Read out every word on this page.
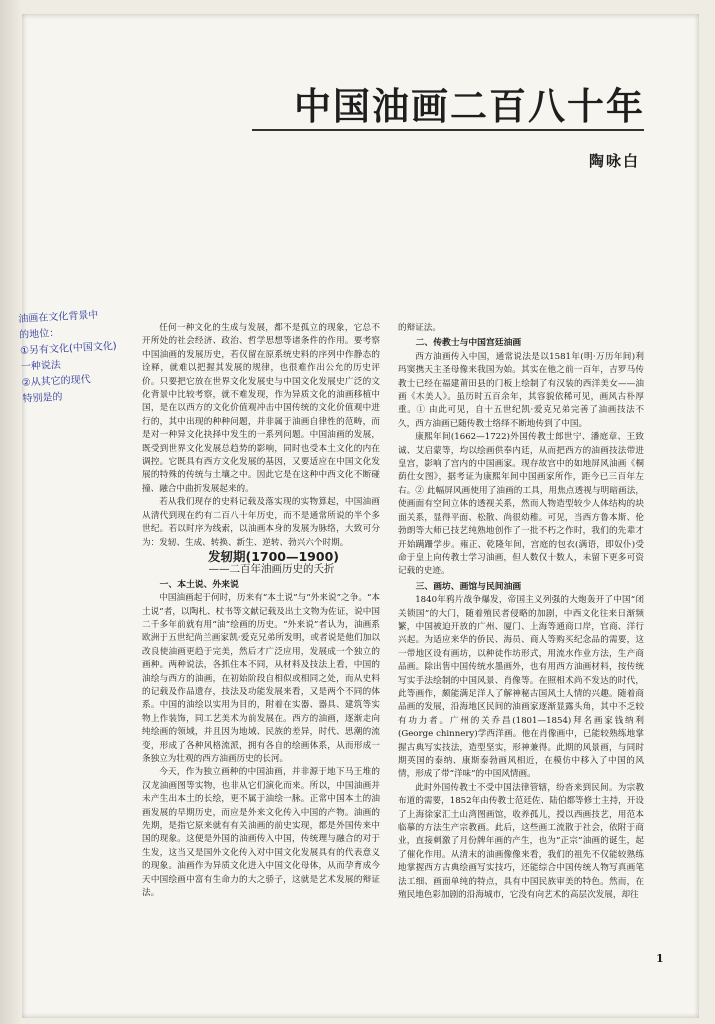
中国油画二百八十年
陶咏白
油画在文化背景中
的地位：
①另有文化(中国文化)
一种说法
②从其它的现代
特别是的

任何一种文化的生成与发展，都不是孤立的现象，它总不开所处的社会经济、政治、哲学思想等诸条件的作用。要考察中国油画的发展历史，若仅留在原系统史料的序列中作静态的诠释，就难以把握其发展的规律，也很难作出公允的历史评价。只要把它放在世界文化发展史与中国文化发展史广泛的文化背景中比较考察，就不难发现，作为异质文化的油画移植中国，是在以西方的文化价值观冲击中国传统的文化价值观中进行的，其中出现的种种问题，并非属于油画自律性的范畴，而是对一种异文化抉择中发生的一系列问题。中国油画的发展，既受到世界文化发展总趋势的影响，同时也受本土文化的内在调控。它既具有西方文化发展的基因，又要适应在中国文化发展的特殊的传统与土壤之中。因此它是在这种中西文化不断碰撞、融合中曲折发展起来的。

若从我们现存的史料记载及落实现的实物算起，中国油画从清代到现在约有二百八十年历史，而不是通常所说的半个多世纪。若以时序为线索，以油画本身的发展为脉络，大致可分为：发轫、生成、转换、新生、逆转、勃兴六个时期。

发轫期(1700—1900)

——二百年油画历史的夭折

一、本土说、外来说

中国油画起于何时，历来有“本土说”与“外来说”之争。“本土说”者，以陶札、杖书等文献记载及出土文物为佐证，说中国二千多年前就有用“油”绘画的历史。“外来说”者认为，油画系欧洲于五世纪尚兰画家凯·爱克兄弟所发明，或者说是他们加以改良使油画更趋于完美，然后才广泛应用，发展成一个独立的画种。两种说法，各抓住本不同，从材料及技法上看，中国的油绘与西方的油画，在初始阶段自相似或相同之处，而从史料的记载及作品遗存，技法及功能发展来看，又是两个不同的体系。中国的油绘以实用为目的，附着在实器、器具、建筑等实物上作装饰，同工艺美术为前发展在。西方的油画，逐渐走向纯绘画的领域，并且因为地域、民族的差异，时代、思潮的流变，形成了各种风格流派，拥有各自的绘画体系，从而形成一条独立为壮观的西方油画历史的长河。

今天，作为独立画种的中国油画，并非源于地下马王堆的汉龙油画图等实物，也非从它们演化而来。所以，中国油画并未产生出本土的长绘，更不属于油绘一脉。正常中国本土的油画发展的早期历史，而应是外来文化传入中国的产物。油画的先期，是指它原来就有有关油画的前史实现，都是外国传来中国的现象。这便是外国的油画传入中国，传统理与融合的对于生发，这当又是国外文化传入对中国文化发展具有的代表意义的现象。油画作为异质文化进入中国文化母体，从而孕育成今天中国绘画中富有生命力的大之骄子，这就是艺术发展的辩证法。

的辩证法。

二、传教士与中国宫廷油画

西方油画传入中国，通常说法是以1581年(明·万历年间)利玛窦携天主圣母像来我国为始。其实在他之前一百年，吉罗马传教士已经在福建莆田县的门板上绘制了有汉装的西洋美女——油画《木美人》。虽历时五百余年，其容貌依稀可见，画风古朴厚重。① 由此可见，自十五世纪凯·爱克兄弟完善了油画技法不久，西方油画已随传教士络绎不断地传到了中国。

康熙年间(1662—1722)外国传教士郎世宁、潘庭章、王致诚、艾启蒙等，均以绘画供奉内廷，从而把西方的油画技法带进皇宫，影响了宫内的中国画家。现存故宫中的如地屏风油画《桐荫仕女图》，据考证为康熙年间中国画家所作，距今已三百年左右。② 此幅屏风画使用了油画的工具，用焦点透视与明暗画法，使画面有空间立体的透视关系，然而人物造型较少人体结构的块面关系，显得平面、松散、尚很幼稚。可见，当西方鲁本斯、伦勃朗等大师已技艺纯熟地创作了一批不朽之作时，我们的先辈才开始蹒跚学步。雍正、乾隆年间，宫庭的包衣(满语，即奴仆)受命于皇上向传教士学习油画，但人数仅十数人，未留下更多可资记载的史迹。

三、画坊、画馆与民间油画

1840年鸦片战争爆发，帝国主义列强的大炮轰开了中国“闭关锁国”的大门，随着殖民者侵略的加剧，中西文化往来日渐频繁，中国被迫开放的广州、厦门、上海等通商口岸，官商、洋行兴起。为适应来华的侨民、海员、商人等购买纪念品的需要，这一带地区设有画坊，以种徒作坊形式，用流水作业方法，生产商品画。除出售中国传统水墨画外，也有用西方油画材料，按传统写实手法绘制的中国风景、肖像等。在照相术尚不发达的时代，此等画作，颇能满足洋人了解神秘古国风土人情的兴趣。随着商品画的发展，沿海地区民间的油画家逐渐显露头角，其中不乏较有功力者。广州的关乔昌(1801—1854)拜名画家钱纳利(George chinnery)学西洋画。他在肖像画中，已能较熟练地掌握古典写实技法，造型坚实，形神兼得。此期的风景画，与同时期英国的泰纳、康斯泰勃画风相近，在模仿中移入了中国的风情，形成了带“洋味”的中国风情画。

此时外国传教士不受中国法律管辖，纷沓来到民间。为宗教布道的需要，1852年由传教士范廷佐、陆伯都等修士主持，开设了上海徐家汇土山湾图画馆，收养孤儿，授以西画技艺，用范本临摹的方法生产宗教画。此后，这些画工流散于社会，依附于商业，直接刺激了月份牌年画的产生，也为“正宗”油画的诞生，起了催化作用。从清末的油画像像来看，我们的祖先不仅能较熟练地掌握西方古典绘画写实技巧，还能综合中国传统人物写真画笔法工细、画面单纯的特点，具有中国民族审美的特色。然而，在殖民地色彩加剧的沿海城市，它没有向艺术的高层次发展，却往

1
